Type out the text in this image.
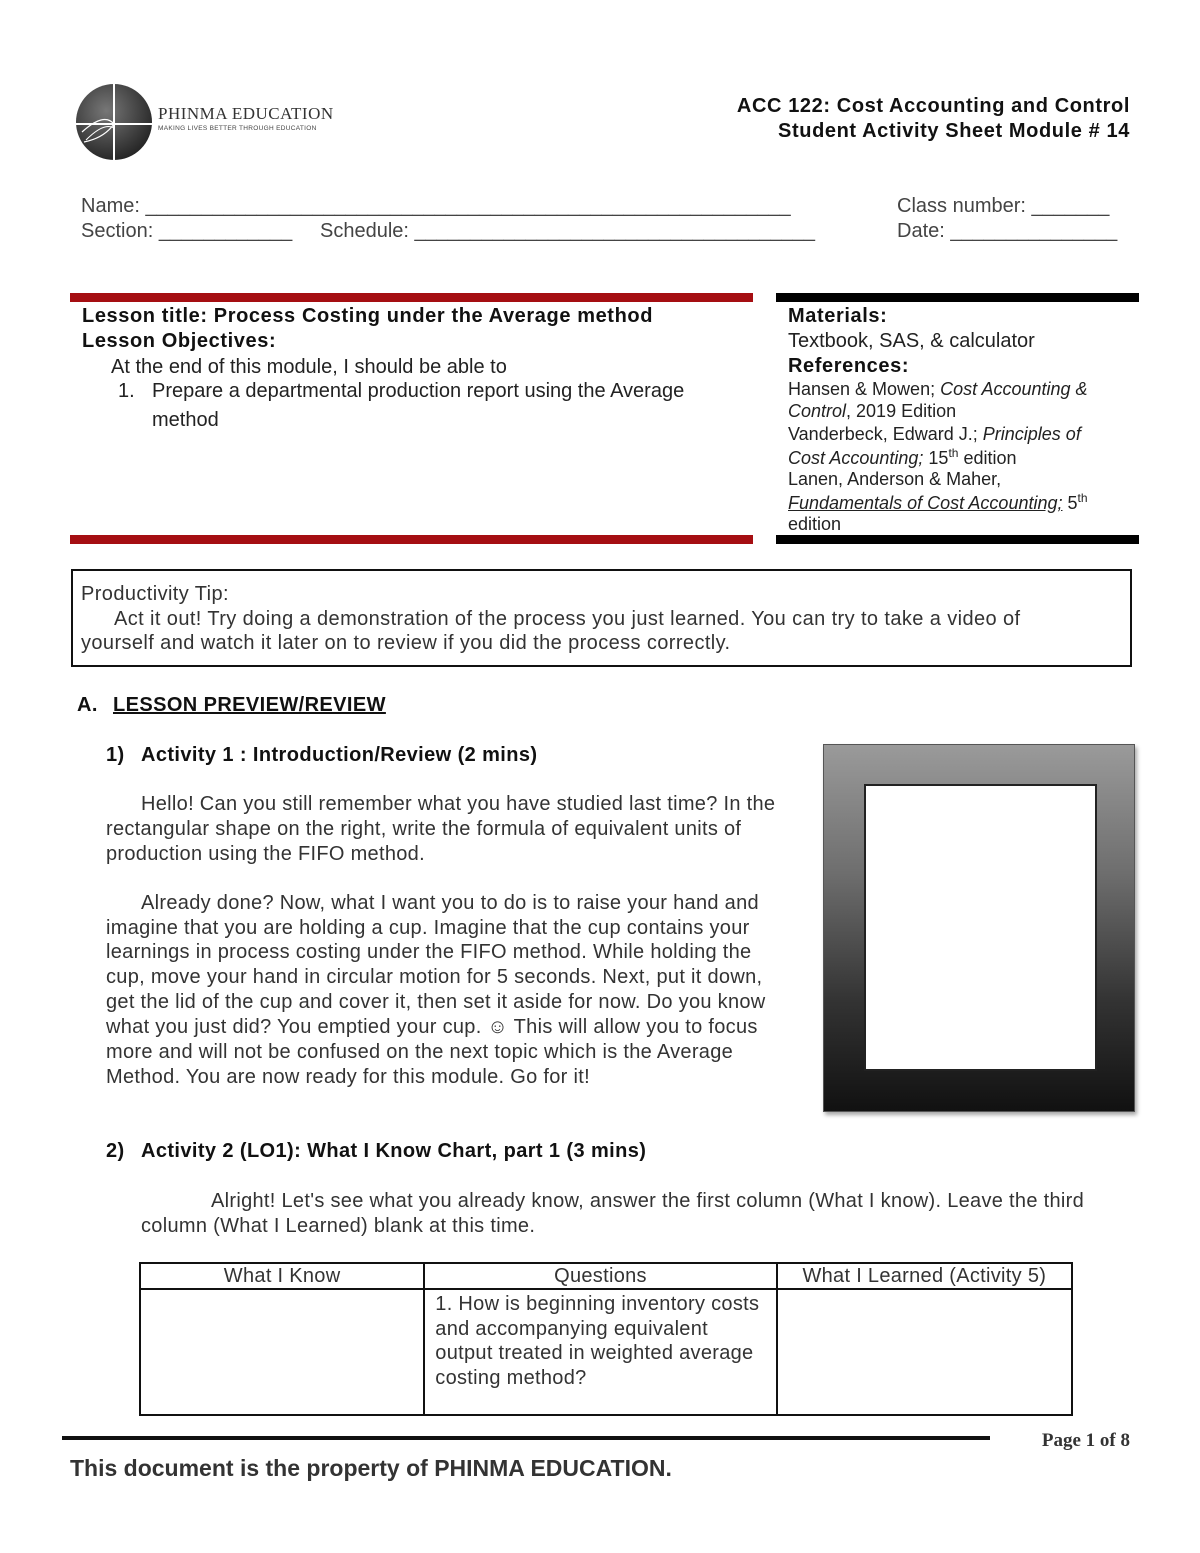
PHINMA EDUCATION
MAKING LIVES BETTER THROUGH EDUCATION
ACC 122: Cost Accounting and Control
Student Activity Sheet Module # 14
Name: __________________________________________________________	Class number: _______
Section: ____________ Schedule: ____________________________________	Date: _______________
Lesson title: Process Costing under the Average method
Lesson Objectives:
At the end of this module, I should be able to
1. Prepare a departmental production report using the Average
method
Materials:
Textbook, SAS, & calculator
References:
Hansen & Mowen; Cost Accounting &
Control, 2019 Edition
Vanderbeck, Edward J.; Principles of
Cost Accounting; 15th edition
Lanen, Anderson & Maher,
Fundamentals of Cost Accounting; 5th
edition
Productivity Tip:
Act it out! Try doing a demonstration of the process you just learned. You can try to take a video of
yourself and watch it later on to review if you did the process correctly.
A. LESSON PREVIEW/REVIEW
1) Activity 1 : Introduction/Review (2 mins)
Hello! Can you still remember what you have studied last time? In the
rectangular shape on the right, write the formula of equivalent units of
production using the FIFO method.
Already done? Now, what I want you to do is to raise your hand and
imagine that you are holding a cup. Imagine that the cup contains your
learnings in process costing under the FIFO method. While holding the
cup, move your hand in circular motion for 5 seconds. Next, put it down,
get the lid of the cup and cover it, then set it aside for now. Do you know
what you just did? You emptied your cup. ☺ This will allow you to focus
more and will not be confused on the next topic which is the Average
Method. You are now ready for this module. Go for it!
2) Activity 2 (LO1): What I Know Chart, part 1 (3 mins)
Alright! Let's see what you already know, answer the first column (What I know). Leave the third
column (What I Learned) blank at this time.
What I Know	Questions	What I Learned (Activity 5)
	1. How is beginning inventory costs and accompanying equivalent output treated in weighted average costing method?	
Page 1 of 8
This document is the property of PHINMA EDUCATION.
